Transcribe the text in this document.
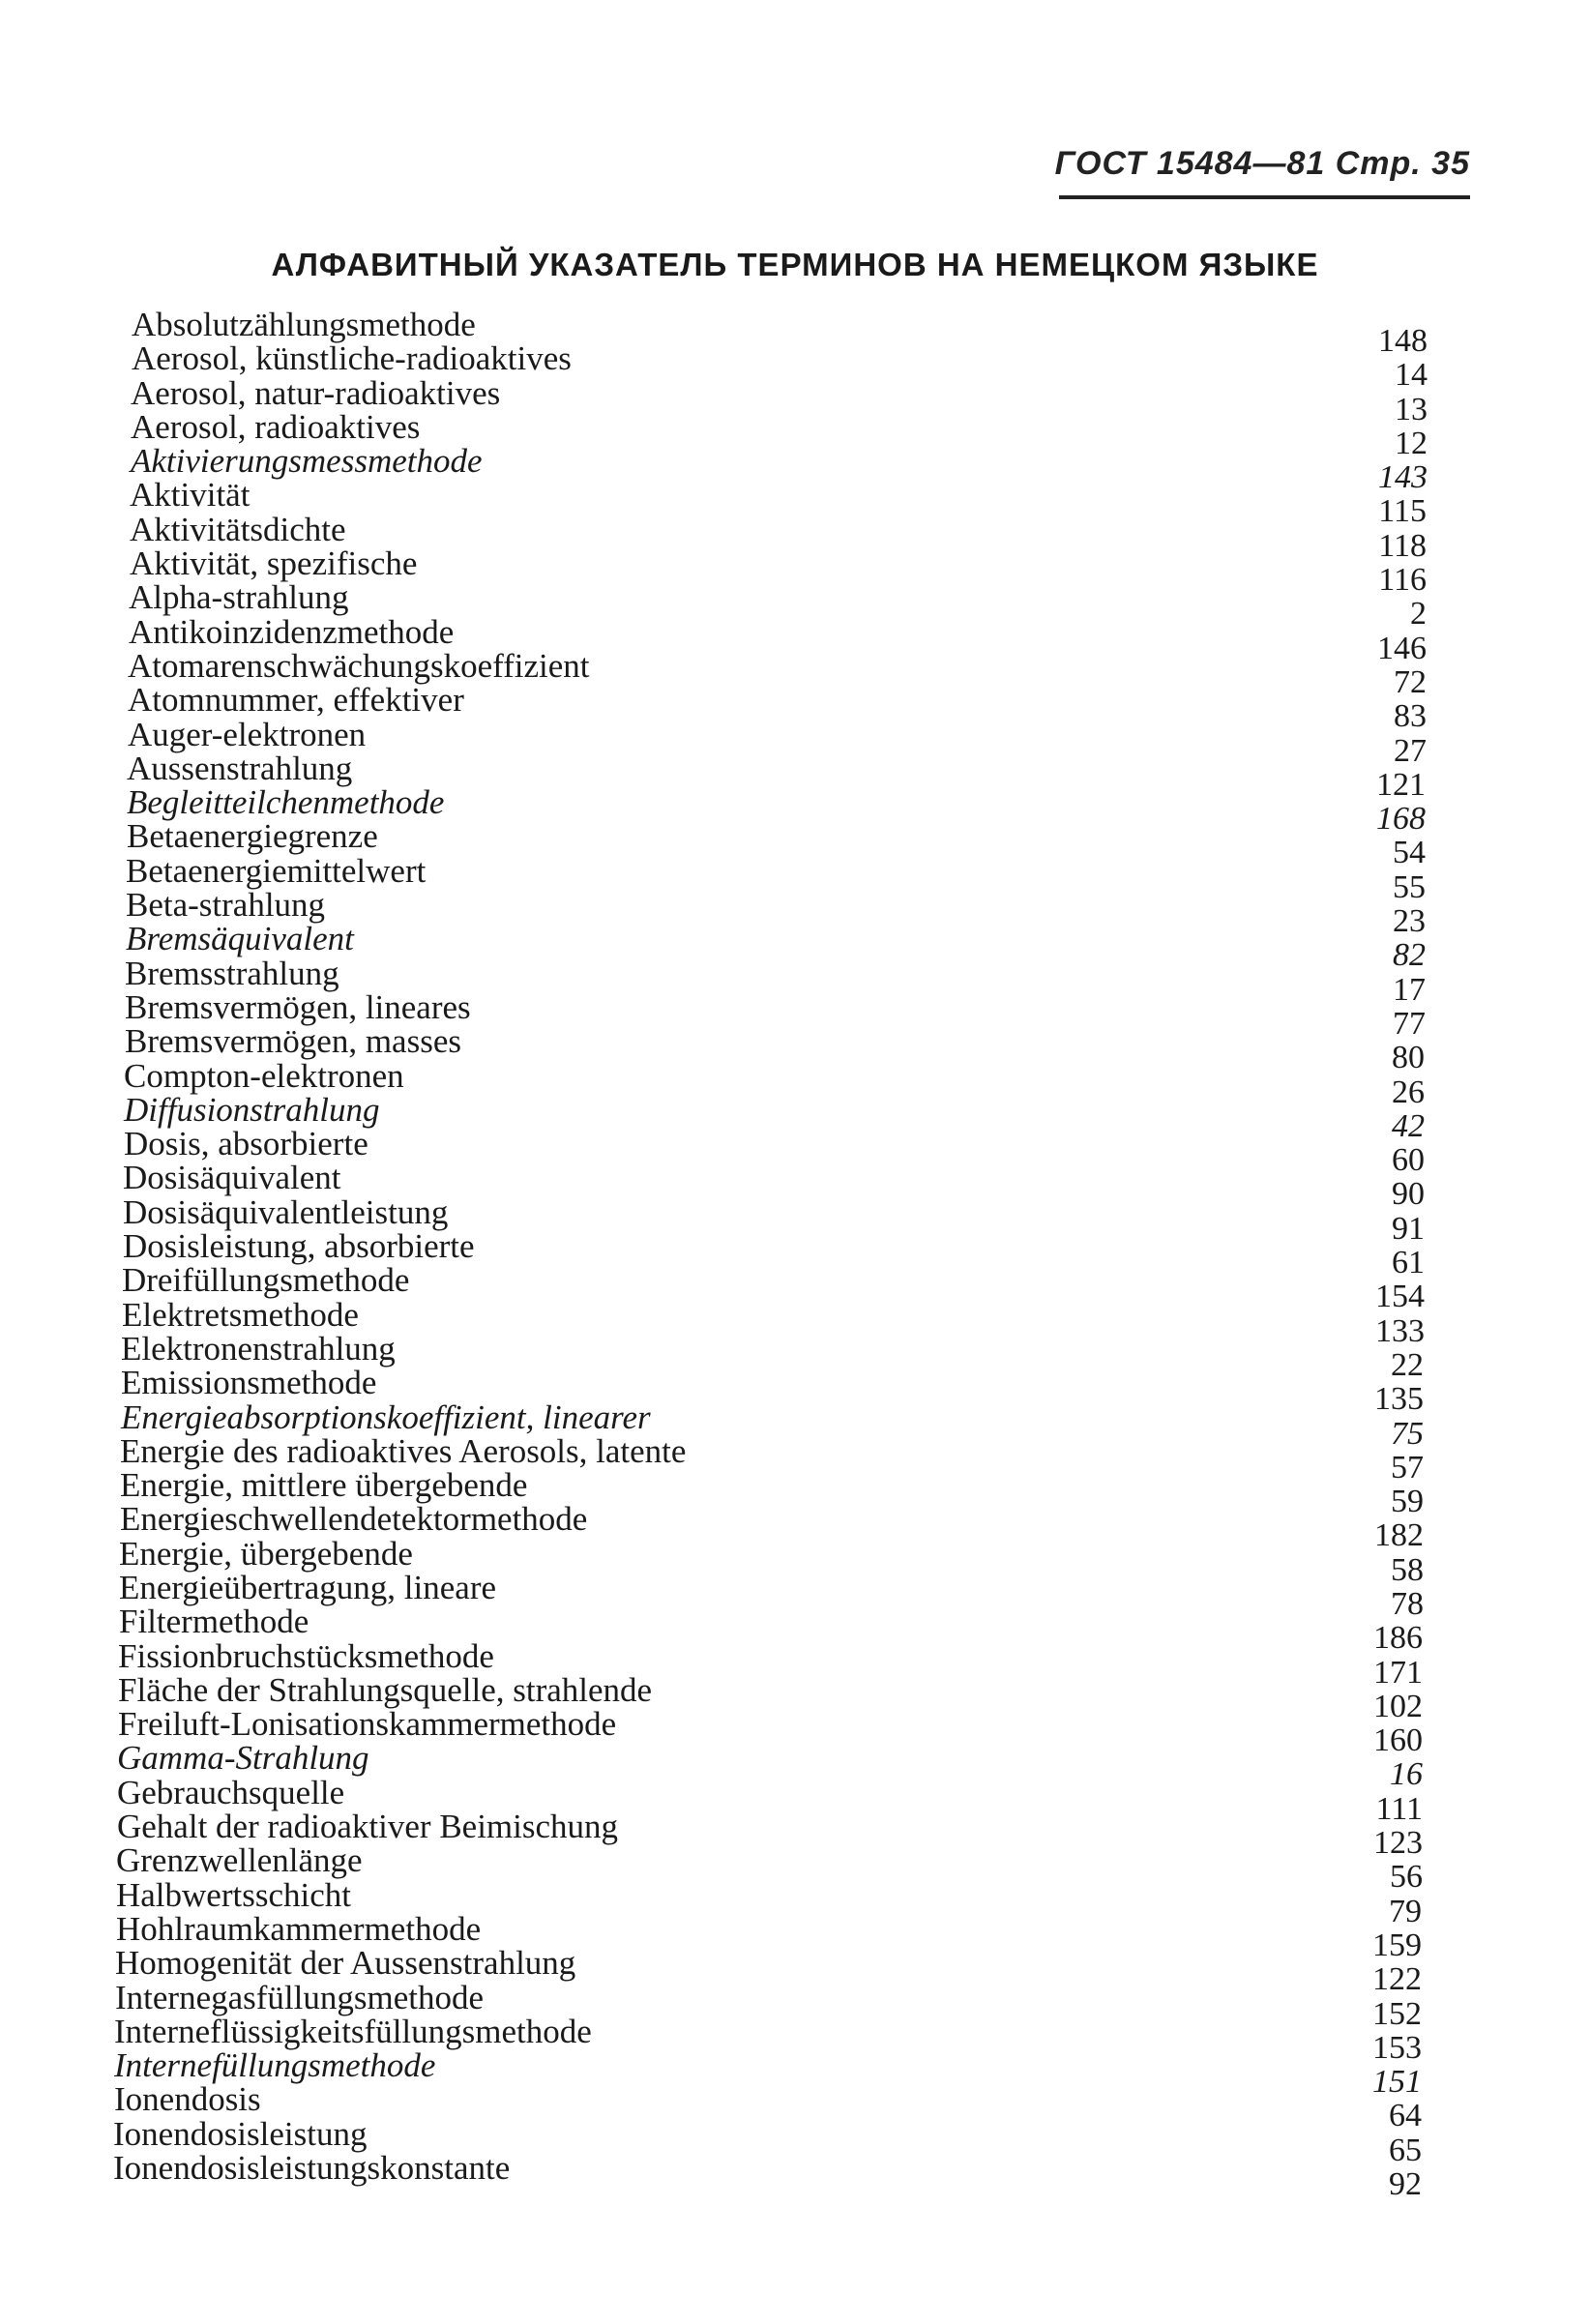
ГОСТ 15484—81 Стр. 35
АЛФАВИТНЫЙ УКАЗАТЕЛЬ ТЕРМИНОВ НА НЕМЕЦКОМ ЯЗЫКЕ
Absolutzählungsmethode	148
Aerosol, künstliche-radioaktives	14
Aerosol, natur-radioaktives	13
Aerosol, radioaktives	12
Aktivierungsmessmethode	143
Aktivität	115
Aktivitätsdichte	118
Aktivität, spezifische	116
Alpha-strahlung	2
Antikoinzidenzmethode	146
Atomarenschwächungskoeffizient	72
Atomnummer, effektiver	83
Auger-elektronen	27
Aussenstrahlung	121
Begleitteilchenmethode	168
Betaenergiegrenze	54
Betaenergiemittelwert	55
Beta-strahlung	23
Bremsäquivalent	82
Bremsstrahlung	17
Bremsvermögen, lineares	77
Bremsvermögen, masses	80
Compton-elektronen	26
Diffusionstrahlung	42
Dosis, absorbierte	60
Dosisäquivalent	90
Dosisäquivalentleistung	91
Dosisleistung, absorbierte	61
Dreifüllungsmethode	154
Elektretsmethode	133
Elektronenstrahlung	22
Emissionsmethode	135
Energieabsorptionskoeffizient, linearer	75
Energie des radioaktives Aerosols, latente	57
Energie, mittlere übergebende	59
Energieschwellendetektormethode	182
Energie, übergebende	58
Energieübertragung, lineare	78
Filtermethode	186
Fissionbruchstücksmethode	171
Fläche der Strahlungsquelle, strahlende	102
Freiluft-Lonisationskammermethode	160
Gamma-Strahlung	16
Gebrauchsquelle	111
Gehalt der radioaktiver Beimischung	123
Grenzwellenlänge	56
Halbwertsschicht	79
Hohlraumkammermethode	159
Homogenität der Aussenstrahlung	122
Internegasfüllungsmethode	152
Interneflüssigkeitsfüllungsmethode	153
Internefüllungsmethode	151
Ionendosis	64
Ionendosisleistung	65
Ionendosisleistungskonstante	92
